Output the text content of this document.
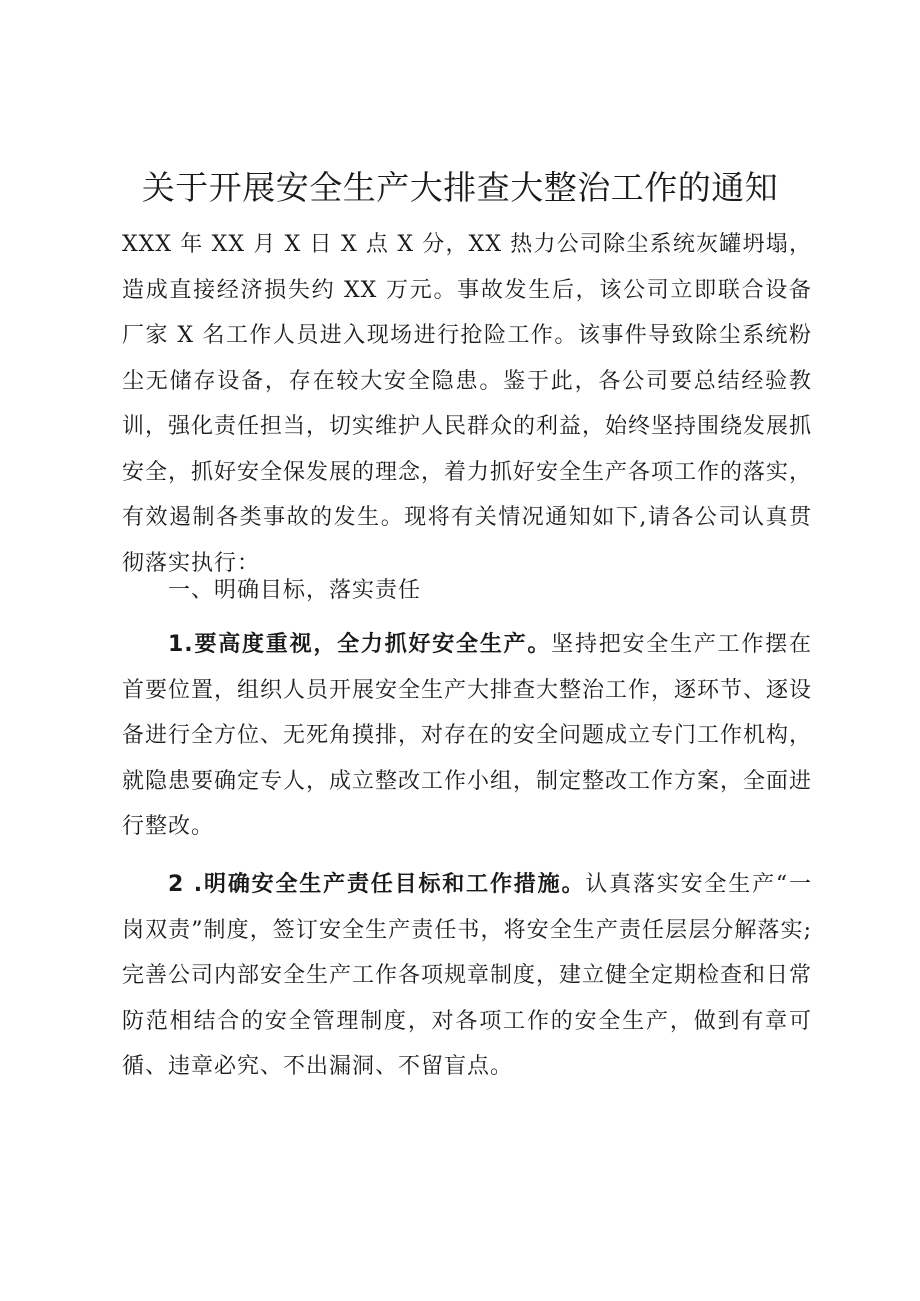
关于开展安全生产大排查大整治工作的通知

XXX 年 XX 月 X 日 X 点 X 分，XX 热力公司除尘系统灰罐坍塌，造成直接经济损失约 XX 万元。事故发生后，该公司立即联合设备厂家 X 名工作人员进入现场进行抢险工作。该事件导致除尘系统粉尘无储存设备，存在较大安全隐患。鉴于此，各公司要总结经验教训，强化责任担当，切实维护人民群众的利益，始终坚持围绕发展抓安全，抓好安全保发展的理念，着力抓好安全生产各项工作的落实，有效遏制各类事故的发生。现将有关情况通知如下,请各公司认真贯彻落实执行：

一、明确目标，落实责任

1.要高度重视，全力抓好安全生产。坚持把安全生产工作摆在首要位置，组织人员开展安全生产大排查大整治工作，逐环节、逐设备进行全方位、无死角摸排，对存在的安全问题成立专门工作机构，就隐患要确定专人，成立整改工作小组，制定整改工作方案，全面进行整改。

2 .明确安全生产责任目标和工作措施。认真落实安全生产“一岗双责”制度，签订安全生产责任书，将安全生产责任层层分解落实;完善公司内部安全生产工作各项规章制度，建立健全定期检查和日常防范相结合的安全管理制度，对各项工作的安全生产，做到有章可循、违章必究、不出漏洞、不留盲点。
